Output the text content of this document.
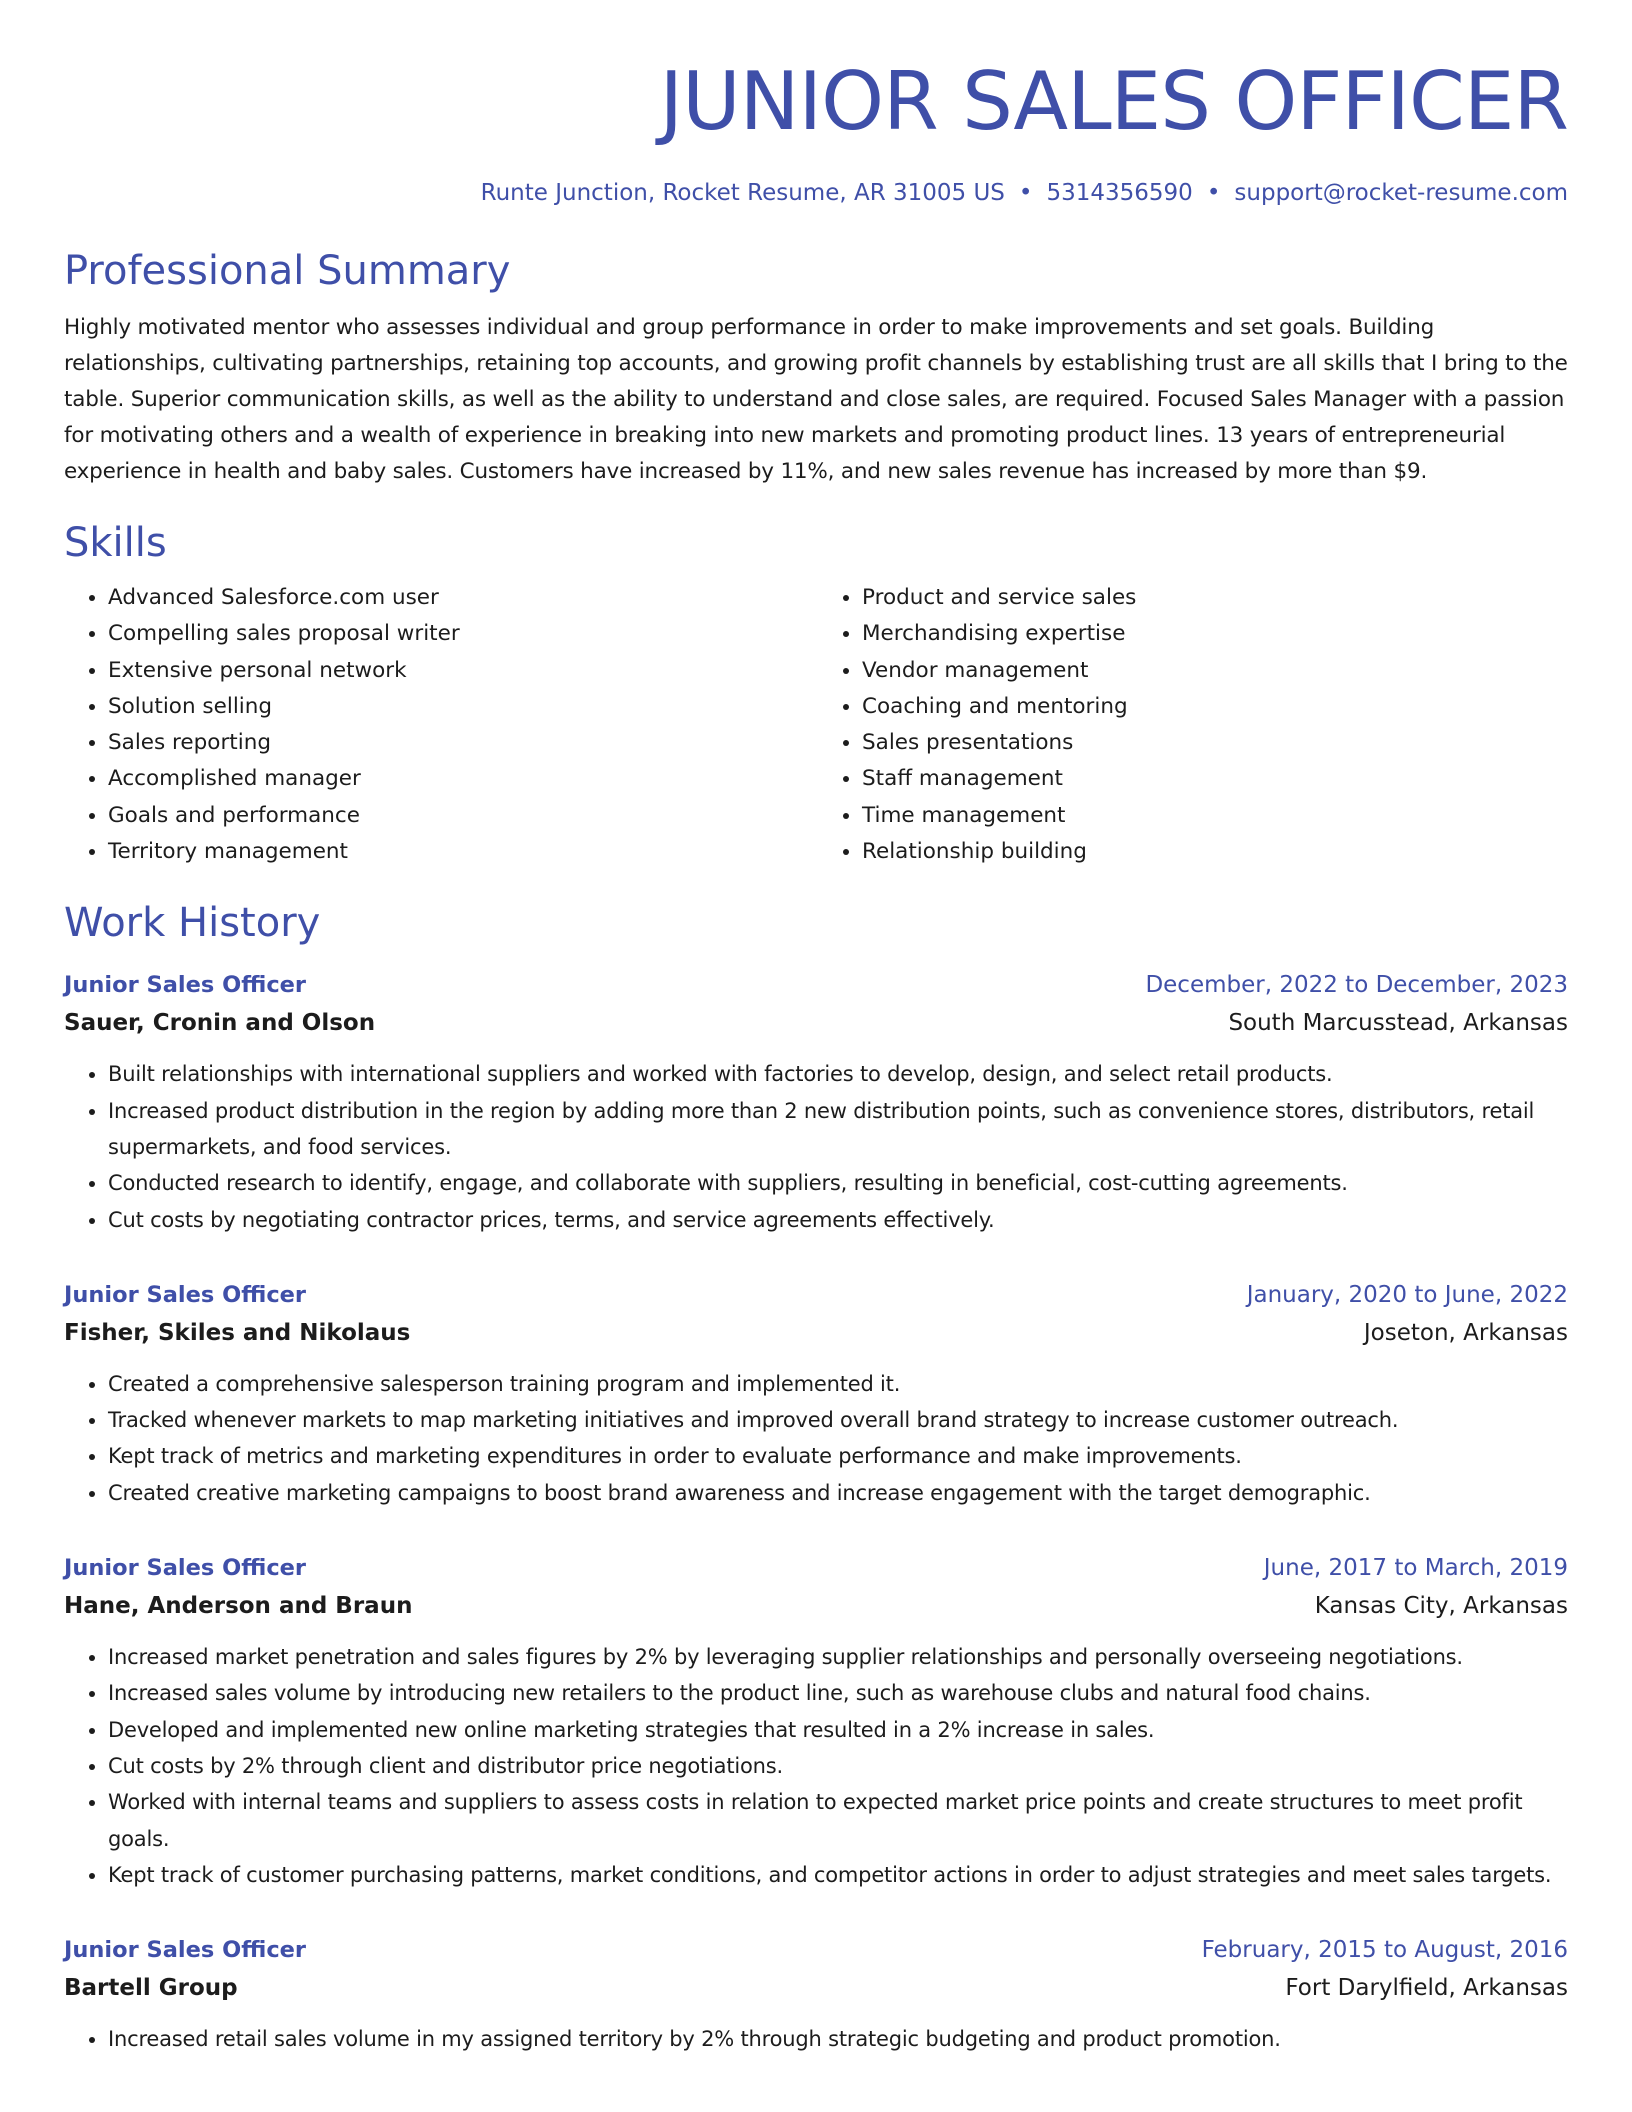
JUNIOR SALES OFFICER
Runte Junction, Rocket Resume, AR 31005 US • 5314356590 • support@rocket-resume.com
Professional Summary

Highly motivated mentor who assesses individual and group performance in order to make improvements and set goals. Building relationships, cultivating partnerships, retaining top accounts, and growing profit channels by establishing trust are all skills that I bring to the table. Superior communication skills, as well as the ability to understand and close sales, are required. Focused Sales Manager with a passion for motivating others and a wealth of experience in breaking into new markets and promoting product lines. 13 years of entrepreneurial experience in health and baby sales. Customers have increased by 11%, and new sales revenue has increased by more than $9.

Skills
• Advanced Salesforce.com user
• Compelling sales proposal writer
• Extensive personal network
• Solution selling
• Sales reporting
• Accomplished manager
• Goals and performance
• Territory management
• Product and service sales
• Merchandising expertise
• Vendor management
• Coaching and mentoring
• Sales presentations
• Staff management
• Time management
• Relationship building
Work History
Junior Sales Officer	December, 2022 to December, 2023
Sauer, Cronin and Olson	South Marcusstead, Arkansas
• Built relationships with international suppliers and worked with factories to develop, design, and select retail products.
• Increased product distribution in the region by adding more than 2 new distribution points, such as convenience stores, distributors, retail supermarkets, and food services.
• Conducted research to identify, engage, and collaborate with suppliers, resulting in beneficial, cost-cutting agreements.
• Cut costs by negotiating contractor prices, terms, and service agreements effectively.
Junior Sales Officer	January, 2020 to June, 2022
Fisher, Skiles and Nikolaus	Joseton, Arkansas
• Created a comprehensive salesperson training program and implemented it.
• Tracked whenever markets to map marketing initiatives and improved overall brand strategy to increase customer outreach.
• Kept track of metrics and marketing expenditures in order to evaluate performance and make improvements.
• Created creative marketing campaigns to boost brand awareness and increase engagement with the target demographic.
Junior Sales Officer	June, 2017 to March, 2019
Hane, Anderson and Braun	Kansas City, Arkansas
• Increased market penetration and sales figures by 2% by leveraging supplier relationships and personally overseeing negotiations.
• Increased sales volume by introducing new retailers to the product line, such as warehouse clubs and natural food chains.
• Developed and implemented new online marketing strategies that resulted in a 2% increase in sales.
• Cut costs by 2% through client and distributor price negotiations.
• Worked with internal teams and suppliers to assess costs in relation to expected market price points and create structures to meet profit goals.
• Kept track of customer purchasing patterns, market conditions, and competitor actions in order to adjust strategies and meet sales targets.
Junior Sales Officer	February, 2015 to August, 2016
Bartell Group	Fort Darylfield, Arkansas
• Increased retail sales volume in my assigned territory by 2% through strategic budgeting and product promotion.
